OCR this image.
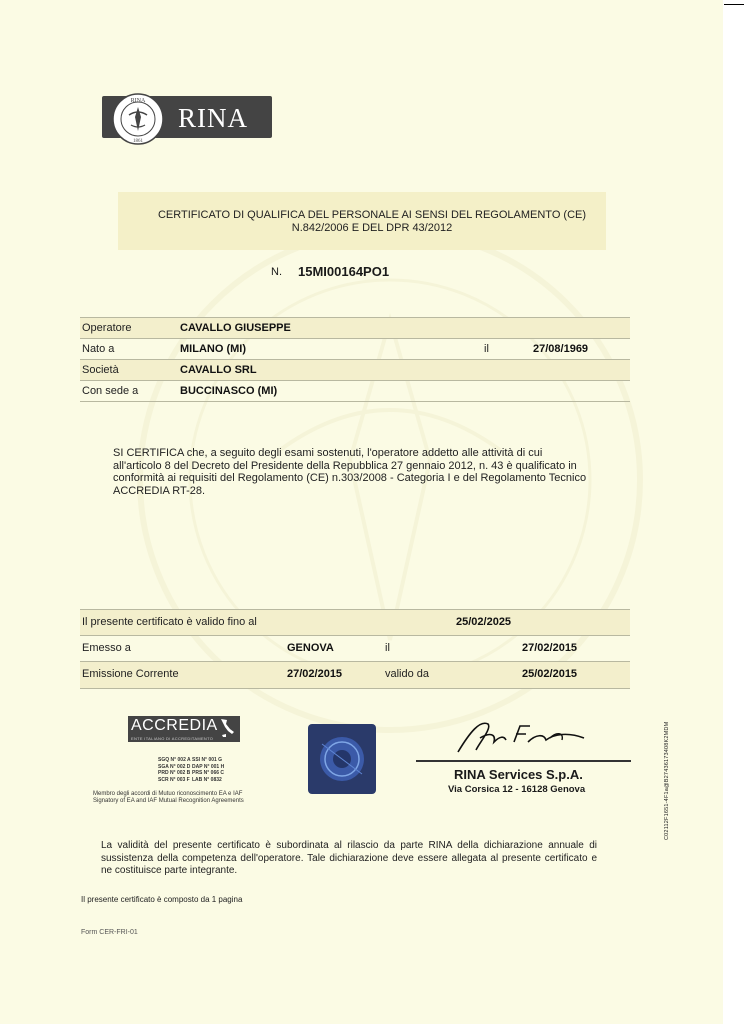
RINA
1861
RINA
CERTIFICATO DI QUALIFICA DEL PERSONALE AI SENSI DEL REGOLAMENTO (CE)
N.842/2006 E DEL DPR 43/2012
N. 15MI00164PO1
Operatore	CAVALLO GIUSEPPE
Nato a	MILANO (MI)	il	27/08/1969
Società	CAVALLO SRL
Con sede a	BUCCINASCO (MI)
SI CERTIFICA che, a seguito degli esami sostenuti, l'operatore addetto alle attività di cui all'articolo 8 del Decreto del Presidente della Repubblica 27 gennaio 2012, n. 43 è qualificato in conformità ai requisiti del Regolamento (CE) n.303/2008 - Categoria I e del Regolamento Tecnico ACCREDIA RT-28.
Il presente certificato è valido fino al	25/02/2025
Emesso a	GENOVA	il	27/02/2015
Emissione Corrente	27/02/2015	valido da	25/02/2015
ACCREDIA
ENTE ITALIANO DI ACCREDITAMENTO
SGQ N° 002 A
SGA N° 002 D
PRD N° 002 B
SCR N° 003 F
SSI N° 001 G
DAP N° 001 H
PRS N° 066 C
LAB N° 0832
Membro degli accordi di Mutuo riconoscimento EA e IAF
Signatory of EA and IAF Mutual Recognition Agreements
RINA Services S.p.A.
Via Corsica 12 - 16128 Genova	C02112F1651-4F1a@B27436173408K2MDM
La validità del presente certificato è subordinata al rilascio da parte RINA della dichiarazione annuale di sussistenza della competenza dell'operatore. Tale dichiarazione deve essere allegata al presente certificato e ne costituisce parte integrante.
Il presente certificato è composto da 1 pagina
Form CER-FRI-01
